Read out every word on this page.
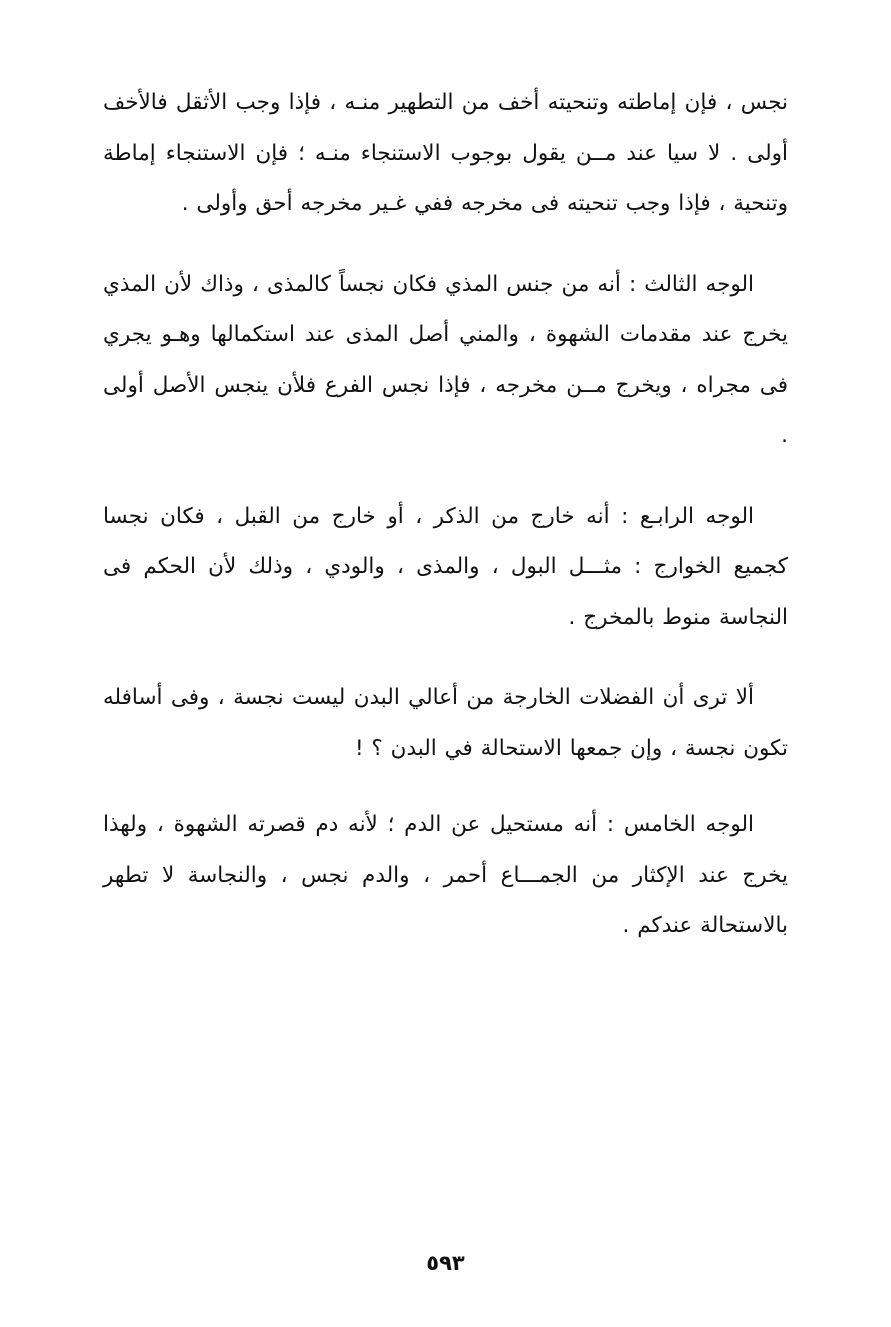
نجس ، فإن إماطته وتنحيته أخف من التطهير منـه ، فإذا وجب الأثقل فالأخف أولى . لا سيا عند مــن يقول بوجوب الاستنجاء منـه ؛ فإن الاستنجاء إماطة وتنحية ، فإذا وجب تنحيته فى مخرجه ففي غـير مخرجه أحق وأولى .

الوجه الثالث : أنه من جنس المذي فكان نجساً كالمذى ، وذاك لأن المذي يخرج عند مقدمات الشهوة ، والمني أصل المذى عند استكمالها وهـو يجري فى مجراه ، ويخرج مــن مخرجه ، فإذا نجس الفرع فلأن ينجس الأصل أولى .

الوجه الرابـع : أنه خارج من الذكر ، أو خارج من القبل ، فكان نجسا كجميع الخوارج : مثـــل البول ، والمذى ، والودي ، وذلك لأن الحكم فى النجاسة منوط بالمخرج .

ألا ترى أن الفضلات الخارجة من أعالي البدن ليست نجسة ، وفى أسافله تكون نجسة ، وإن جمعها الاستحالة في البدن ؟ !

الوجه الخامس : أنه مستحيل عن الدم ؛ لأنه دم قصرته الشهوة ، ولهذا يخرج عند الإكثار من الجمـــاع أحمر ، والدم نجس ، والنجاسة لا تطهر بالاستحالة عندكم .

٥٩٣
